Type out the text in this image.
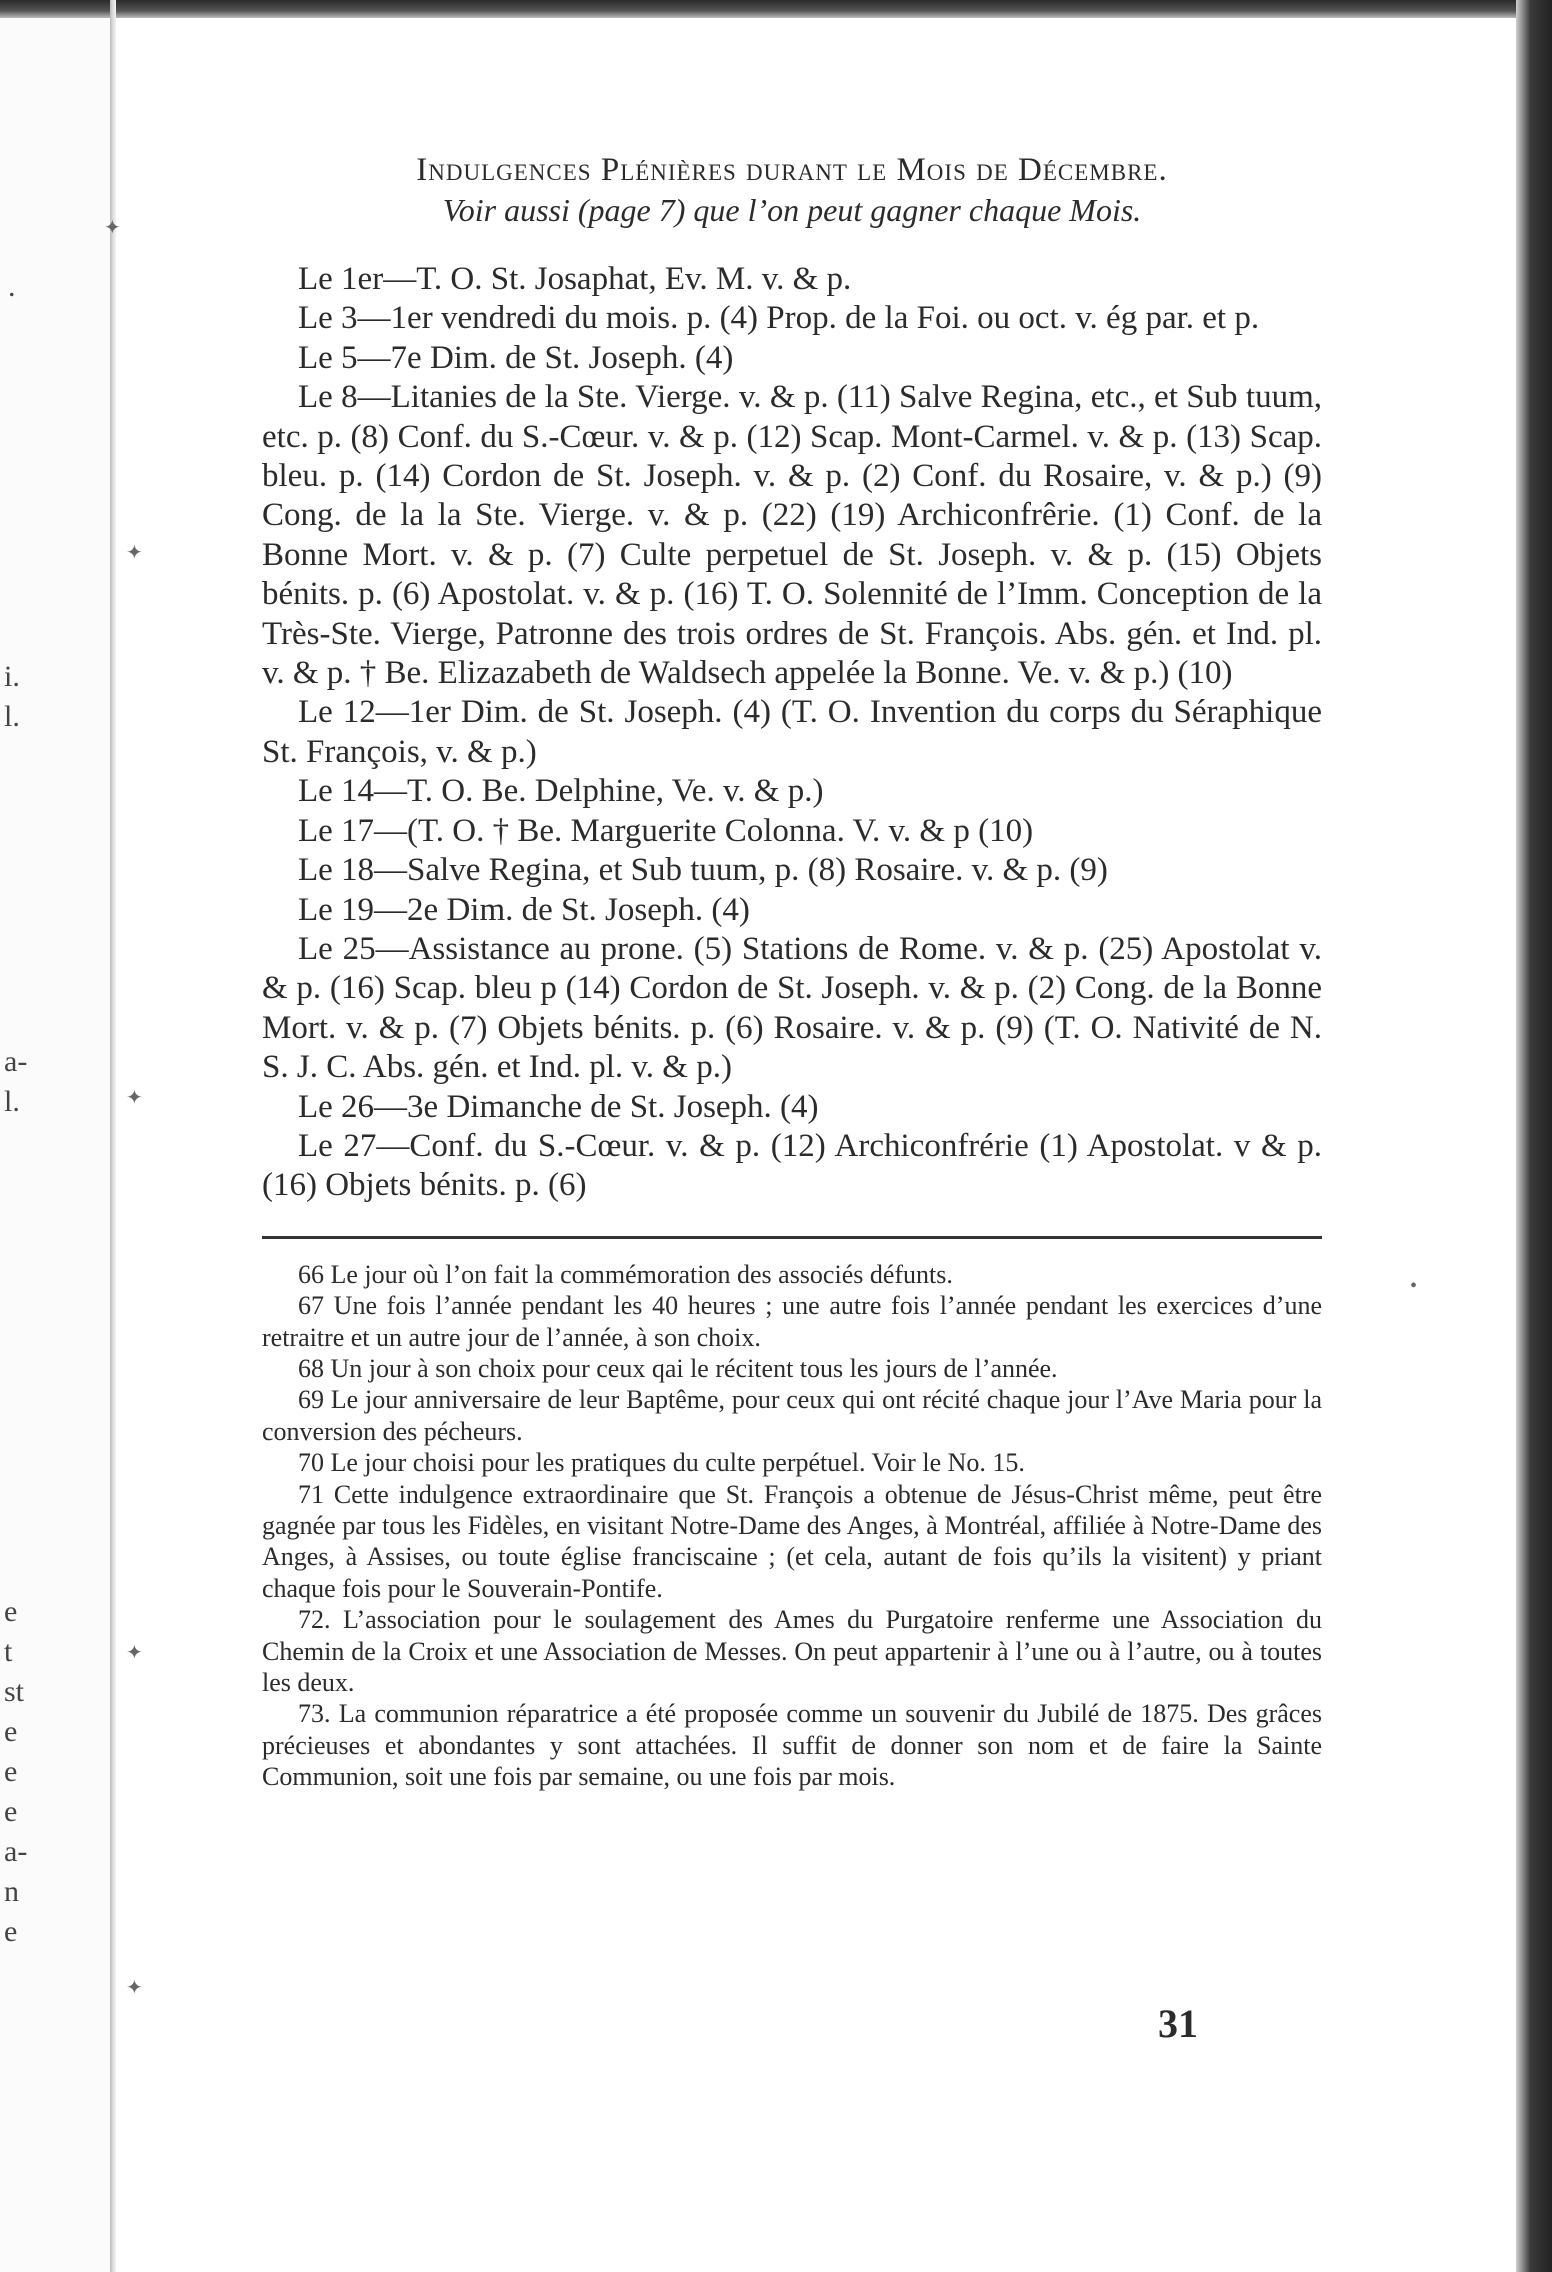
.
i.
l.
a-
l.
e
t
st
e
e
e
a-
n
e
✦
✦
✦
✦
✦
•

Indulgences Plénières durant le Mois de Décembre.

Voir aussi (page 7) que l’on peut gagner chaque Mois.

Le 1er—T. O. St. Josaphat, Ev. M. v. & p.

Le 3—1er vendredi du mois. p. (4) Prop. de la Foi. ou oct. v. ég par. et p.

Le 5—7e Dim. de St. Joseph. (4)

Le 8—Litanies de la Ste. Vierge. v. & p. (11) Salve Regina, etc., et Sub tuum, etc. p. (8) Conf. du S.-Cœur. v. & p. (12) Scap. Mont-Carmel. v. & p. (13) Scap. bleu. p. (14) Cordon de St. Joseph. v. & p. (2) Conf. du Rosaire, v. & p.) (9) Cong. de la la Ste. Vierge. v. & p. (22) (19) Archiconfrêrie. (1) Conf. de la Bonne Mort. v. & p. (7) Culte perpetuel de St. Joseph. v. & p. (15) Objets bénits. p. (6) Apostolat. v. & p. (16) T. O. Solennité de l’Imm. Conception de la Très-Ste. Vierge, Patronne des trois ordres de St. François. Abs. gén. et Ind. pl. v. & p. † Be. Elizazabeth de Waldsech appelée la Bonne. Ve. v. & p.) (10)

Le 12—1er Dim. de St. Joseph. (4) (T. O. Invention du corps du Séraphique St. François, v. & p.)

Le 14—T. O. Be. Delphine, Ve. v. & p.)

Le 17—(T. O. † Be. Marguerite Colonna. V. v. & p (10)

Le 18—Salve Regina, et Sub tuum, p. (8) Rosaire. v. & p. (9)

Le 19—2e Dim. de St. Joseph. (4)

Le 25—Assistance au prone. (5) Stations de Rome. v. & p. (25) Apostolat v. & p. (16) Scap. bleu p (14) Cordon de St. Joseph. v. & p. (2) Cong. de la Bonne Mort. v. & p. (7) Objets bénits. p. (6) Rosaire. v. & p. (9) (T. O. Nativité de N. S. J. C. Abs. gén. et Ind. pl. v. & p.)

Le 26—3e Dimanche de St. Joseph. (4)

Le 27—Conf. du S.-Cœur. v. & p. (12) Archiconfrérie (1) Apostolat. v & p. (16) Objets bénits. p. (6)

66 Le jour où l’on fait la commémoration des associés défunts.

67 Une fois l’année pendant les 40 heures ; une autre fois l’année pendant les exercices d’une retraitre et un autre jour de l’année, à son choix.

68 Un jour à son choix pour ceux qai le récitent tous les jours de l’année.

69 Le jour anniversaire de leur Baptême, pour ceux qui ont récité chaque jour l’Ave Maria pour la conversion des pécheurs.

70 Le jour choisi pour les pratiques du culte perpétuel. Voir le No. 15.

71 Cette indulgence extraordinaire que St. François a obtenue de Jésus-Christ même, peut être gagnée par tous les Fidèles, en visitant Notre-Dame des Anges, à Montréal, affiliée à Notre-Dame des Anges, à Assises, ou toute église franciscaine ; (et cela, autant de fois qu’ils la visitent) y priant chaque fois pour le Souverain-Pontife.

72. L’association pour le soulagement des Ames du Purgatoire renferme une Association du Chemin de la Croix et une Association de Messes. On peut appartenir à l’une ou à l’autre, ou à toutes les deux.

73. La communion réparatrice a été proposée comme un souvenir du Jubilé de 1875. Des grâces précieuses et abondantes y sont attachées. Il suffit de donner son nom et de faire la Sainte Communion, soit une fois par semaine, ou une fois par mois.

31
